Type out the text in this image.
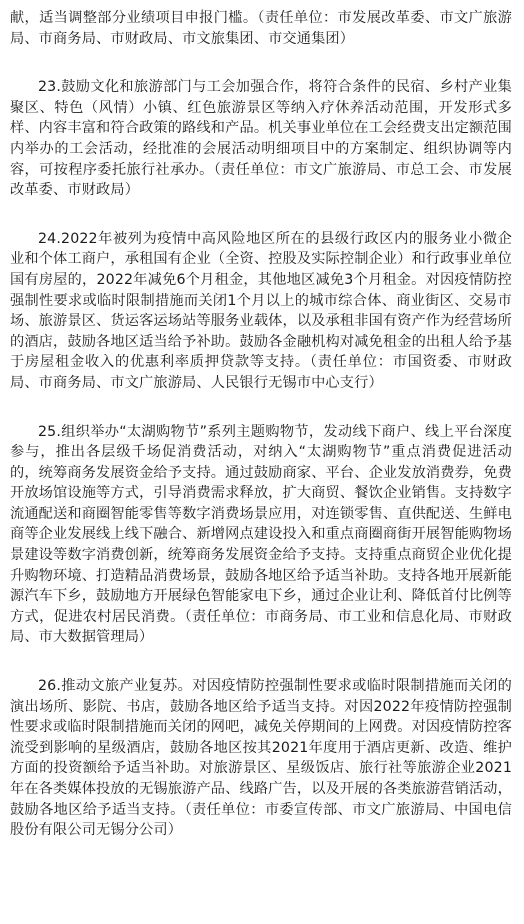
献，适当调整部分业绩项目申报门槛。（责任单位：市发展改革委、市文广旅游局、市商务局、市财政局、市文旅集团、市交通集团）

23.鼓励文化和旅游部门与工会加强合作，将符合条件的民宿、乡村产业集聚区、特色（风情）小镇、红色旅游景区等纳入疗休养活动范围，开发形式多样、内容丰富和符合政策的路线和产品。机关事业单位在工会经费支出定额范围内举办的工会活动，经批准的会展活动明细项目中的方案制定、组织协调等内容，可按程序委托旅行社承办。（责任单位：市文广旅游局、市总工会、市发展改革委、市财政局）

24.2022年被列为疫情中高风险地区所在的县级行政区内的服务业小微企业和个体工商户，承租国有企业（全资、控股及实际控制企业）和行政事业单位国有房屋的，2022年减免6个月租金，其他地区减免3个月租金。对因疫情防控强制性要求或临时限制措施而关闭1个月以上的城市综合体、商业街区、交易市场、旅游景区、货运客运场站等服务业载体，以及承租非国有资产作为经营场所的酒店，鼓励各地区适当给予补助。鼓励各金融机构对减免租金的出租人给予基于房屋租金收入的优惠利率质押贷款等支持。（责任单位：市国资委、市财政局、市商务局、市文广旅游局、人民银行无锡市中心支行）

25.组织举办“太湖购物节”系列主题购物节，发动线下商户、线上平台深度参与，推出各层级千场促消费活动，对纳入“太湖购物节”重点消费促进活动的，统筹商务发展资金给予支持。通过鼓励商家、平台、企业发放消费券，免费开放场馆设施等方式，引导消费需求释放，扩大商贸、餐饮企业销售。支持数字流通配送和商圈智能零售等数字消费场景应用，对连锁零售、直供配送、生鲜电商等企业发展线上线下融合、新增网点建设投入和重点商圈商街开展智能购物场景建设等数字消费创新，统筹商务发展资金给予支持。支持重点商贸企业优化提升购物环境、打造精品消费场景，鼓励各地区给予适当补助。支持各地开展新能源汽车下乡，鼓励地方开展绿色智能家电下乡，通过企业让利、降低首付比例等方式，促进农村居民消费。（责任单位：市商务局、市工业和信息化局、市财政局、市大数据管理局）

26.推动文旅产业复苏。对因疫情防控强制性要求或临时限制措施而关闭的演出场所、影院、书店，鼓励各地区给予适当支持。对因2022年疫情防控强制性要求或临时限制措施而关闭的网吧，减免关停期间的上网费。对因疫情防控客流受到影响的星级酒店，鼓励各地区按其2021年度用于酒店更新、改造、维护方面的投资额给予适当补助。对旅游景区、星级饭店、旅行社等旅游企业2021年在各类媒体投放的无锡旅游产品、线路广告，以及开展的各类旅游营销活动，鼓励各地区给予适当支持。（责任单位：市委宣传部、市文广旅游局、中国电信股份有限公司无锡分公司）
